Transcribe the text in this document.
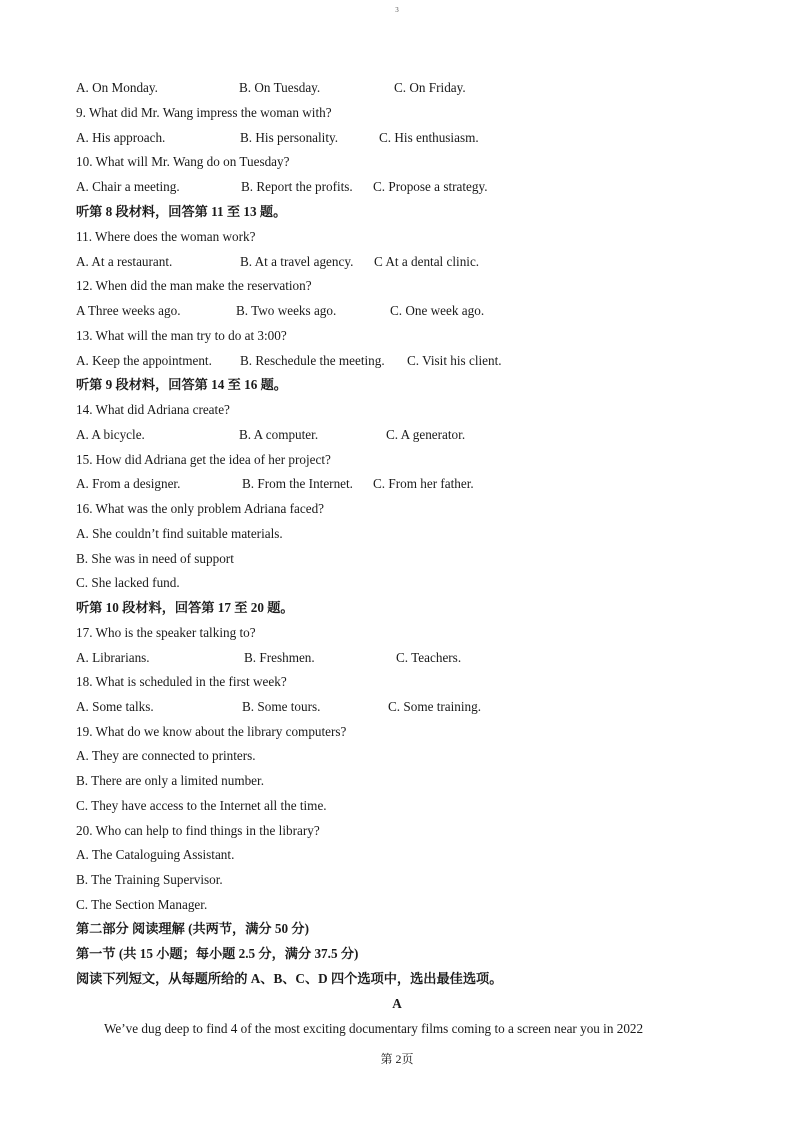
3
A. On Monday.	B. On Tuesday.	C. On Friday.
9. What did Mr. Wang impress the woman with?
A. His approach.	B. His personality.	C. His enthusiasm.
10. What will Mr. Wang do on Tuesday?
A. Chair a meeting.	B. Report the profits. C. Propose a strategy.
听第 8 段材料，回答第 11 至 13 题。
11. Where does the woman work?
A. At a restaurant.	B. At a travel agency. C At a dental clinic.
12. When did the man make the reservation?
A Three weeks ago.	B. Two weeks ago.	C. One week ago.
13. What will the man try to do at 3:00?
A. Keep the appointment. B. Reschedule the meeting. C. Visit his client.
听第 9 段材料，回答第 14 至 16 题。
14. What did Adriana create?
A. A bicycle.	B. A computer.	C. A generator.
15. How did Adriana get the idea of her project?
A. From a designer.	B. From the Internet. C. From her father.
16. What was the only problem Adriana faced?
A. She couldn’t find suitable materials.
B. She was in need of support
C. She lacked fund.
听第 10 段材料，回答第 17 至 20 题。
17. Who is the speaker talking to?
A. Librarians.	B. Freshmen.	C. Teachers.
18. What is scheduled in the first week?
A. Some talks.	B. Some tours.	C. Some training.
19. What do we know about the library computers?
A. They are connected to printers.
B. There are only a limited number.
C. They have access to the Internet all the time.
20. Who can help to find things in the library?
A. The Cataloguing Assistant.
B. The Training Supervisor.
C. The Section Manager.
第二部分 阅读理解 (共两节，满分 50 分)
第一节 (共 15 小题；每小题 2.5 分，满分 37.5 分)
阅读下列短文，从每题所给的 A、B、C、D 四个选项中，选出最佳选项。
A
We’ve dug deep to find 4 of the most exciting documentary films coming to a screen near you in 2022
第 2页
